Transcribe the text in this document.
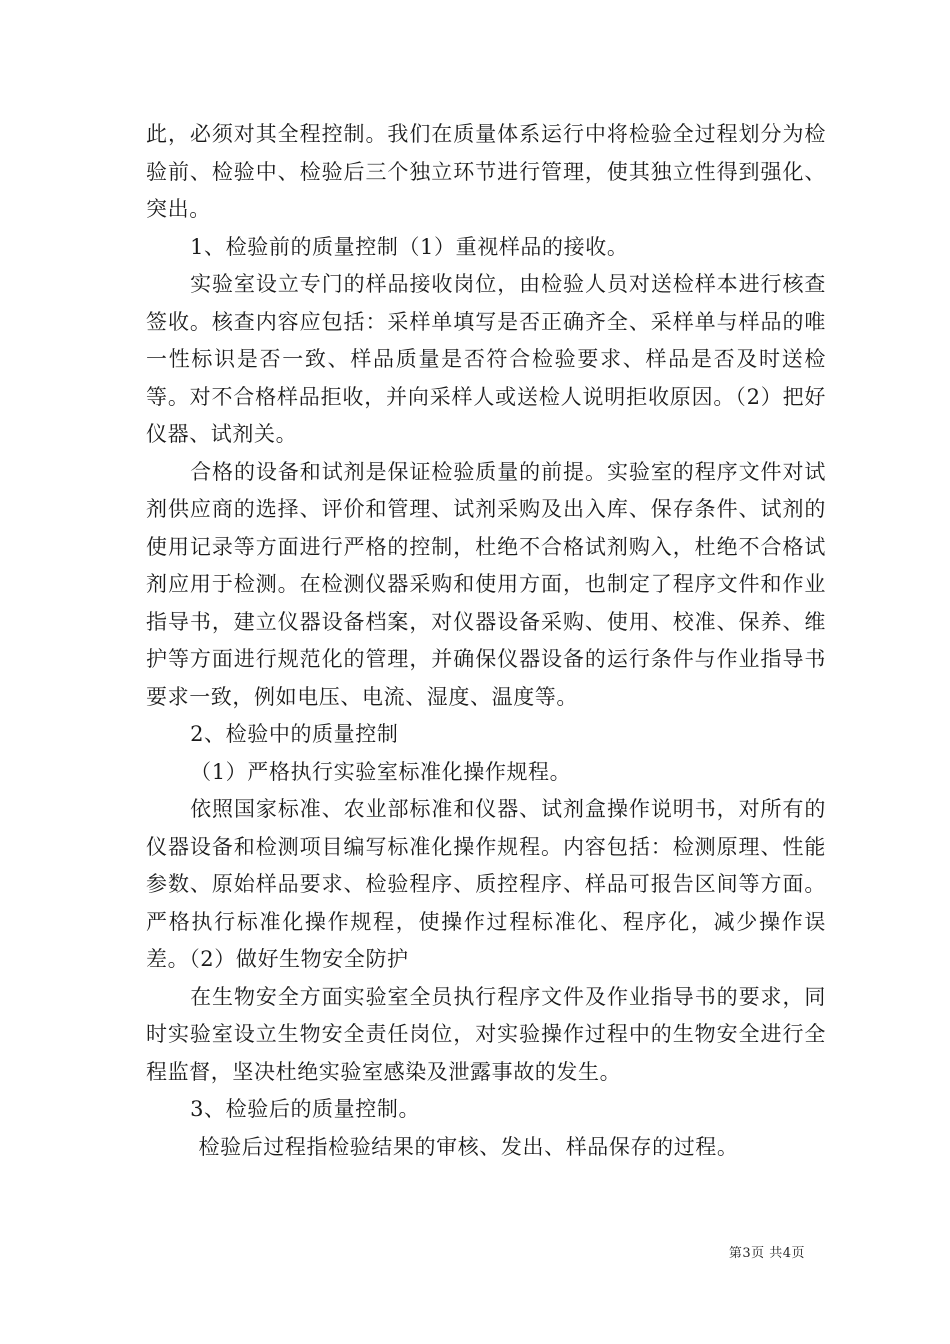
此，必须对其全程控制。我们在质量体系运行中将检验全过程划分为检验前、检验中、检验后三个独立环节进行管理，使其独立性得到强化、突出。

1、检验前的质量控制（1）重视样品的接收。

实验室设立专门的样品接收岗位，由检验人员对送检样本进行核查签收。核查内容应包括：采样单填写是否正确齐全、采样单与样品的唯一性标识是否一致、样品质量是否符合检验要求、样品是否及时送检等。对不合格样品拒收，并向采样人或送检人说明拒收原因。（2）把好仪器、试剂关。

合格的设备和试剂是保证检验质量的前提。实验室的程序文件对试剂供应商的选择、评价和管理、试剂采购及出入库、保存条件、试剂的使用记录等方面进行严格的控制，杜绝不合格试剂购入，杜绝不合格试剂应用于检测。在检测仪器采购和使用方面，也制定了程序文件和作业指导书，建立仪器设备档案，对仪器设备采购、使用、校准、保养、维护等方面进行规范化的管理，并确保仪器设备的运行条件与作业指导书要求一致，例如电压、电流、湿度、温度等。

2、检验中的质量控制

（1）严格执行实验室标准化操作规程。

依照国家标准、农业部标准和仪器、试剂盒操作说明书，对所有的仪器设备和检测项目编写标准化操作规程。内容包括：检测原理、性能参数、原始样品要求、检验程序、质控程序、样品可报告区间等方面。严格执行标准化操作规程，使操作过程标准化、程序化，减少操作误差。（2）做好生物安全防护

在生物安全方面实验室全员执行程序文件及作业指导书的要求，同时实验室设立生物安全责任岗位，对实验操作过程中的生物安全进行全程监督，坚决杜绝实验室感染及泄露事故的发生。

3、检验后的质量控制。

检验后过程指检验结果的审核、发出、样品保存的过程。

第3页 共4页
